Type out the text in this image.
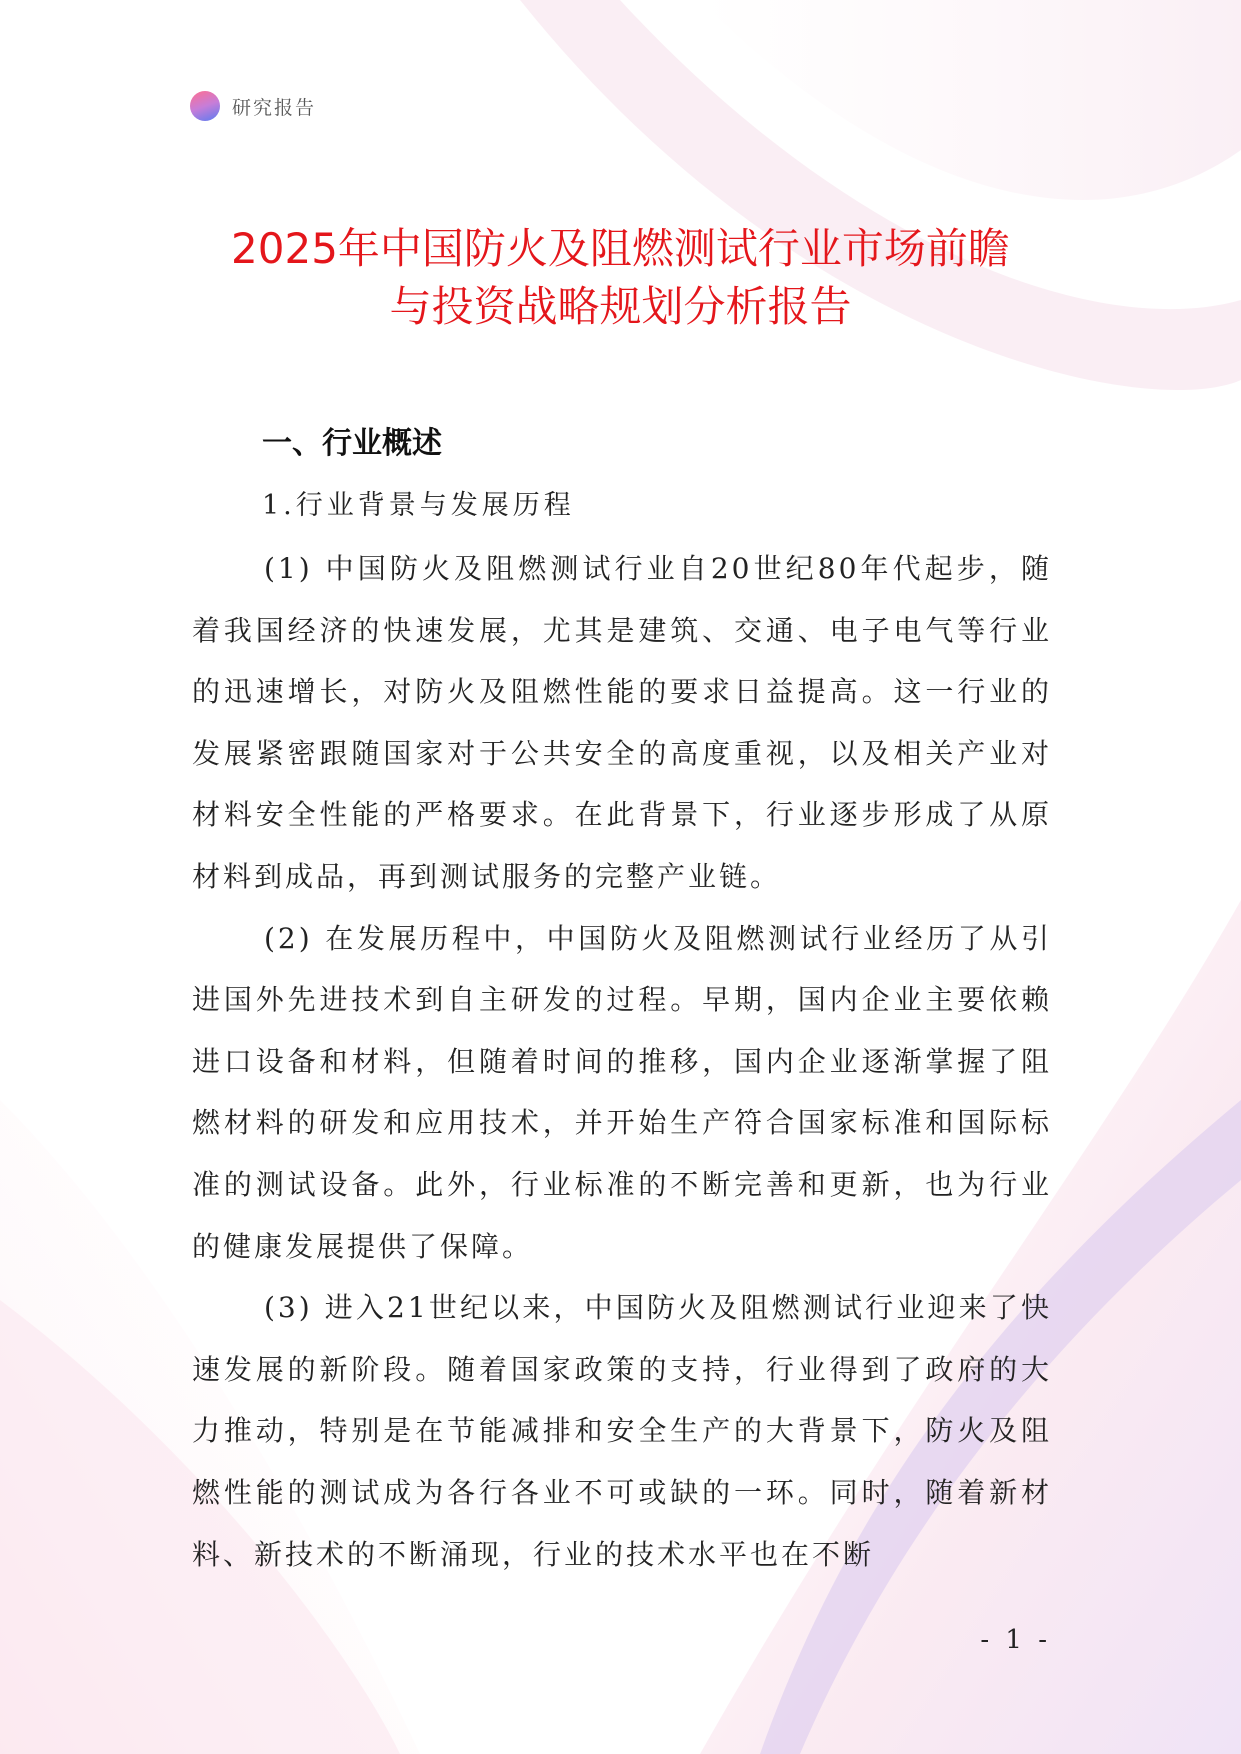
研究报告
2025年中国防火及阻燃测试行业市场前瞻
与投资战略规划分析报告
一、行业概述
1.行业背景与发展历程

(1) 中国防火及阻燃测试行业自20世纪80年代起步，随着我国经济的快速发展，尤其是建筑、交通、电子电气等行业的迅速增长，对防火及阻燃性能的要求日益提高。这一行业的发展紧密跟随国家对于公共安全的高度重视，以及相关产业对材料安全性能的严格要求。在此背景下，行业逐步形成了从原材料到成品，再到测试服务的完整产业链。

(2) 在发展历程中，中国防火及阻燃测试行业经历了从引进国外先进技术到自主研发的过程。早期，国内企业主要依赖进口设备和材料，但随着时间的推移，国内企业逐渐掌握了阻燃材料的研发和应用技术，并开始生产符合国家标准和国际标准的测试设备。此外，行业标准的不断完善和更新，也为行业的健康发展提供了保障。

(3) 进入21世纪以来，中国防火及阻燃测试行业迎来了快速发展的新阶段。随着国家政策的支持，行业得到了政府的大力推动，特别是在节能减排和安全生产的大背景下，防火及阻燃性能的测试成为各行各业不可或缺的一环。同时，随着新材料、新技术的不断涌现，行业的技术水平也在不断

- 1 -
